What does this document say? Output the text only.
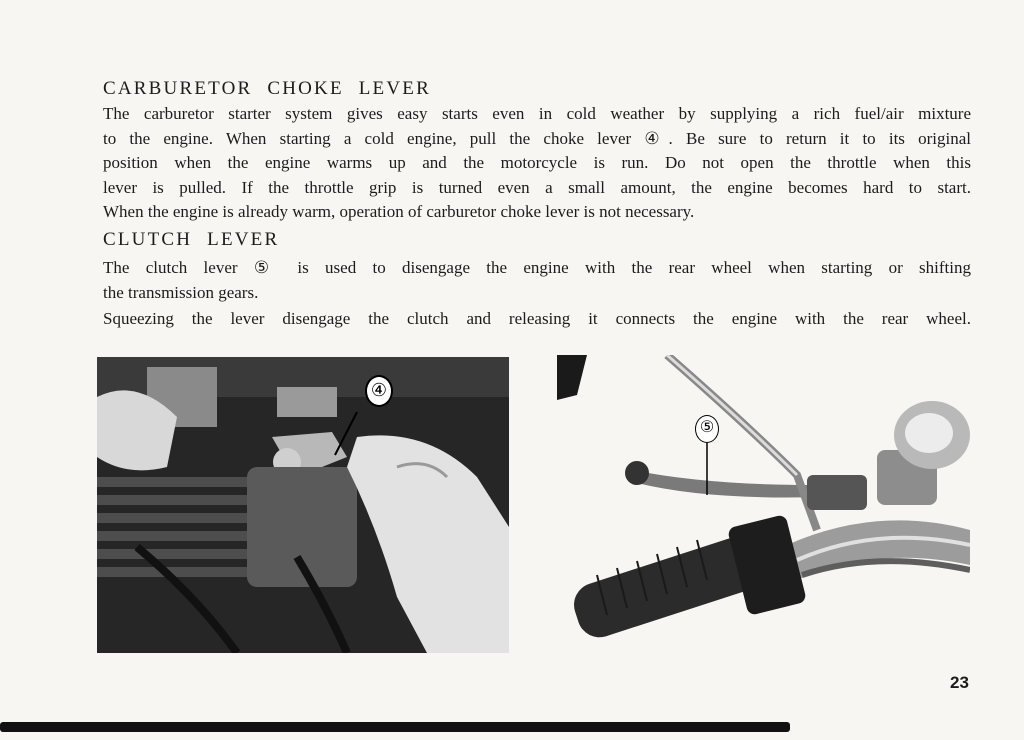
CARBURETOR CHOKE LEVER

The carburetor starter system gives easy starts even in cold weather by supplying a rich fuel/air mixture

to the engine. When starting a cold engine, pull the choke lever ④. Be sure to return it to its original

position when the engine warms up and the motorcycle is run. Do not open the throttle when this

lever is pulled. If the throttle grip is turned even a small amount, the engine becomes hard to start.

When the engine is already warm, operation of carburetor choke lever is not necessary.

CLUTCH LEVER

The clutch lever ⑤ is used to disengage the engine with the rear wheel when starting or shifting

the transmission gears.

Squeezing the lever disengage the clutch and releasing it connects the engine with the rear wheel.

④
⑤
23
